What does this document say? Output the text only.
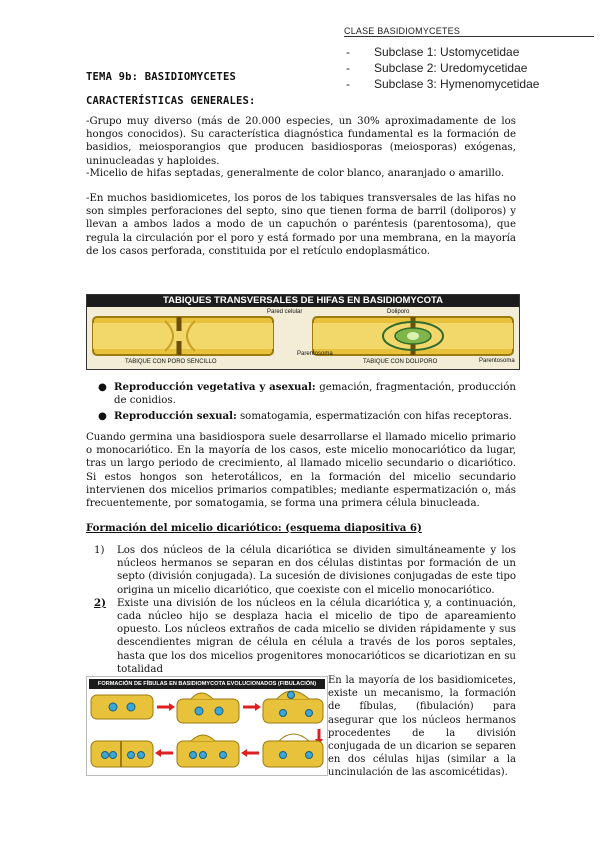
CLASE BASIDIOMYCETES
- Subclase 1: Ustomycetidae
- Subclase 2: Uredomycetidae
- Subclase 3: Hymenomycetidae
TEMA 9b: BASIDIOMYCETES
CARACTERÍSTICAS GENERALES:

-Grupo muy diverso (más de 20.000 especies, un 30% aproximadamente de los hongos conocidos). Su característica diagnóstica fundamental es la formación de basidios, meiosporangios que producen basidiosporas (meiosporas) exógenas, uninucleadas y haploides.

-Micelio de hifas septadas, generalmente de color blanco, anaranjado o amarillo.

-En muchos basidiomicetes, los poros de los tabiques transversales de las hifas no son simples perforaciones del septo, sino que tienen forma de barril (doliporos) y llevan a ambos lados a modo de un capuchón o paréntesis (parentosoma), que regula la circulación por el poro y está formado por una membrana, en la mayoría de los casos perforada, constituida por el retículo endoplasmático.

TABIQUES TRANSVERSALES DE HIFAS EN BASIDIOMYCOTA
Pared celular	Doliporo
Parentosoma
Parentosoma
TABIQUE CON PORO SENCILLO	TABIQUE CON DOLIPORO
● Reproducción vegetativa y asexual: gemación, fragmentación, producción de conidios.
● Reproducción sexual: somatogamia, espermatización con hifas receptoras.

Cuando germina una basidiospora suele desarrollarse el llamado micelio primario o monocariótico. En la mayoría de los casos, este micelio monocariótico da lugar, tras un largo periodo de crecimiento, al llamado micelio secundario o dicariótico. Si estos hongos son heterotálicos, en la formación del micelio secundario intervienen dos micelios primarios compatibles; mediante espermatización o, más frecuentemente, por somatogamia, se forma una primera célula binucleada.

Formación del micelio dicariótico: (esquema diapositiva 6)
1) Los dos núcleos de la célula dicariótica se dividen simultáneamente y los núcleos hermanos se separan en dos células distintas por formación de un septo (división conjugada). La sucesión de divisiones conjugadas de este tipo origina un micelio dicariótico, que coexiste con el micelio monocariótico.
2) Existe una división de los núcleos en la célula dicariótica y, a continuación, cada núcleo hijo se desplaza hacia el micelio de tipo de apareamiento opuesto. Los núcleos extraños de cada micelio se dividen rápidamente y sus descendientes migran de célula en célula a través de los poros septales, hasta que los dos micelios progenitores monocarióticos se dicariotizan en su totalidad
FORMACIÓN DE FÍBULAS EN BASIDIOMYCOTA EVOLUCIONADOS (FIBULACIÓN)	En la mayoría de los basidiomicetes, existe un mecanismo, la formación de fíbulas, (fibulación) para asegurar que los núcleos hermanos procedentes de la división conjugada de un dicarion se separen en dos células hijas (similar a la uncinulación de las ascomicétidas).
